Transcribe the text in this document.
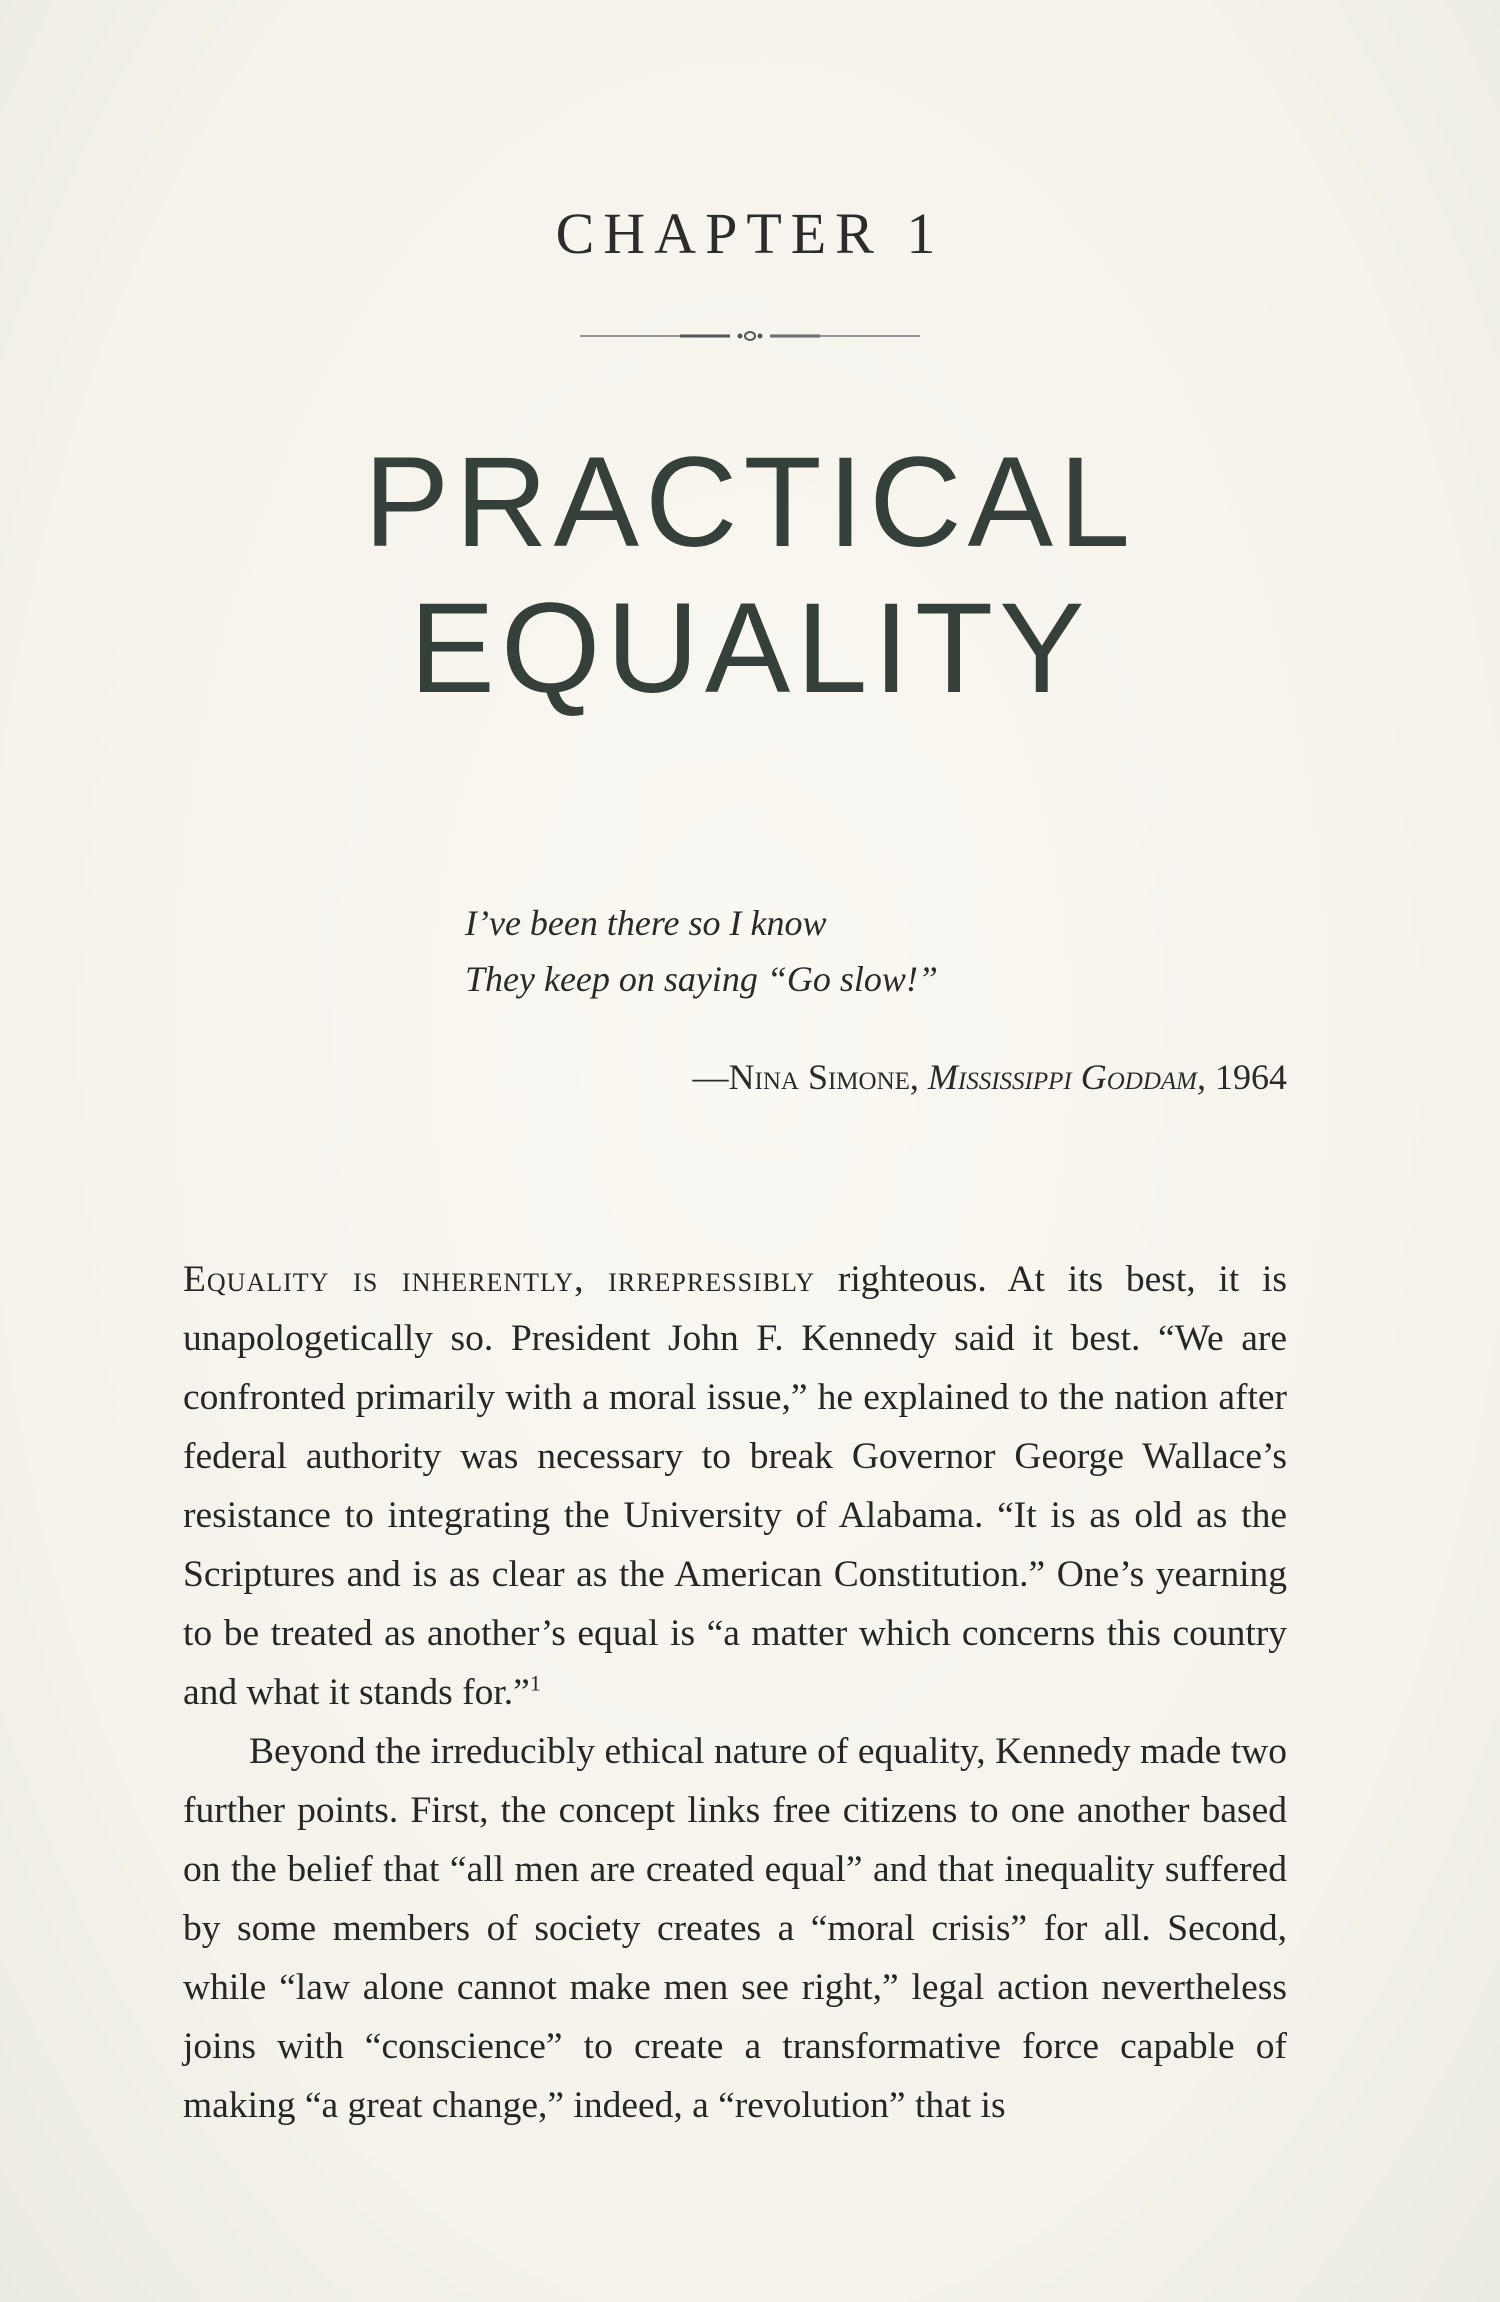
CHAPTER 1
PRACTICAL
EQUALITY
I’ve been there so I know
They keep on saying “Go slow!”
—Nina Simone, Mississippi Goddam, 1964

Equality is inherently, irrepressibly righteous. At its best, it is unapologetically so. President John F. Kennedy said it best. “We are confronted primarily with a moral issue,” he explained to the nation after federal authority was necessary to break Governor George Wallace’s resistance to integrating the University of Alabama. “It is as old as the Scriptures and is as clear as the American Constitution.” One’s yearning to be treated as another’s equal is “a matter which concerns this country and what it stands for.”$^1$

Beyond the irreducibly ethical nature of equality, Kennedy made two further points. First, the concept links free citizens to one another based on the belief that “all men are created equal” and that inequality suffered by some members of society creates a “moral crisis” for all. Second, while “law alone cannot make men see right,” legal action nevertheless joins with “conscience” to create a transformative force capable of making “a great change,” indeed, a “revolution” that is
